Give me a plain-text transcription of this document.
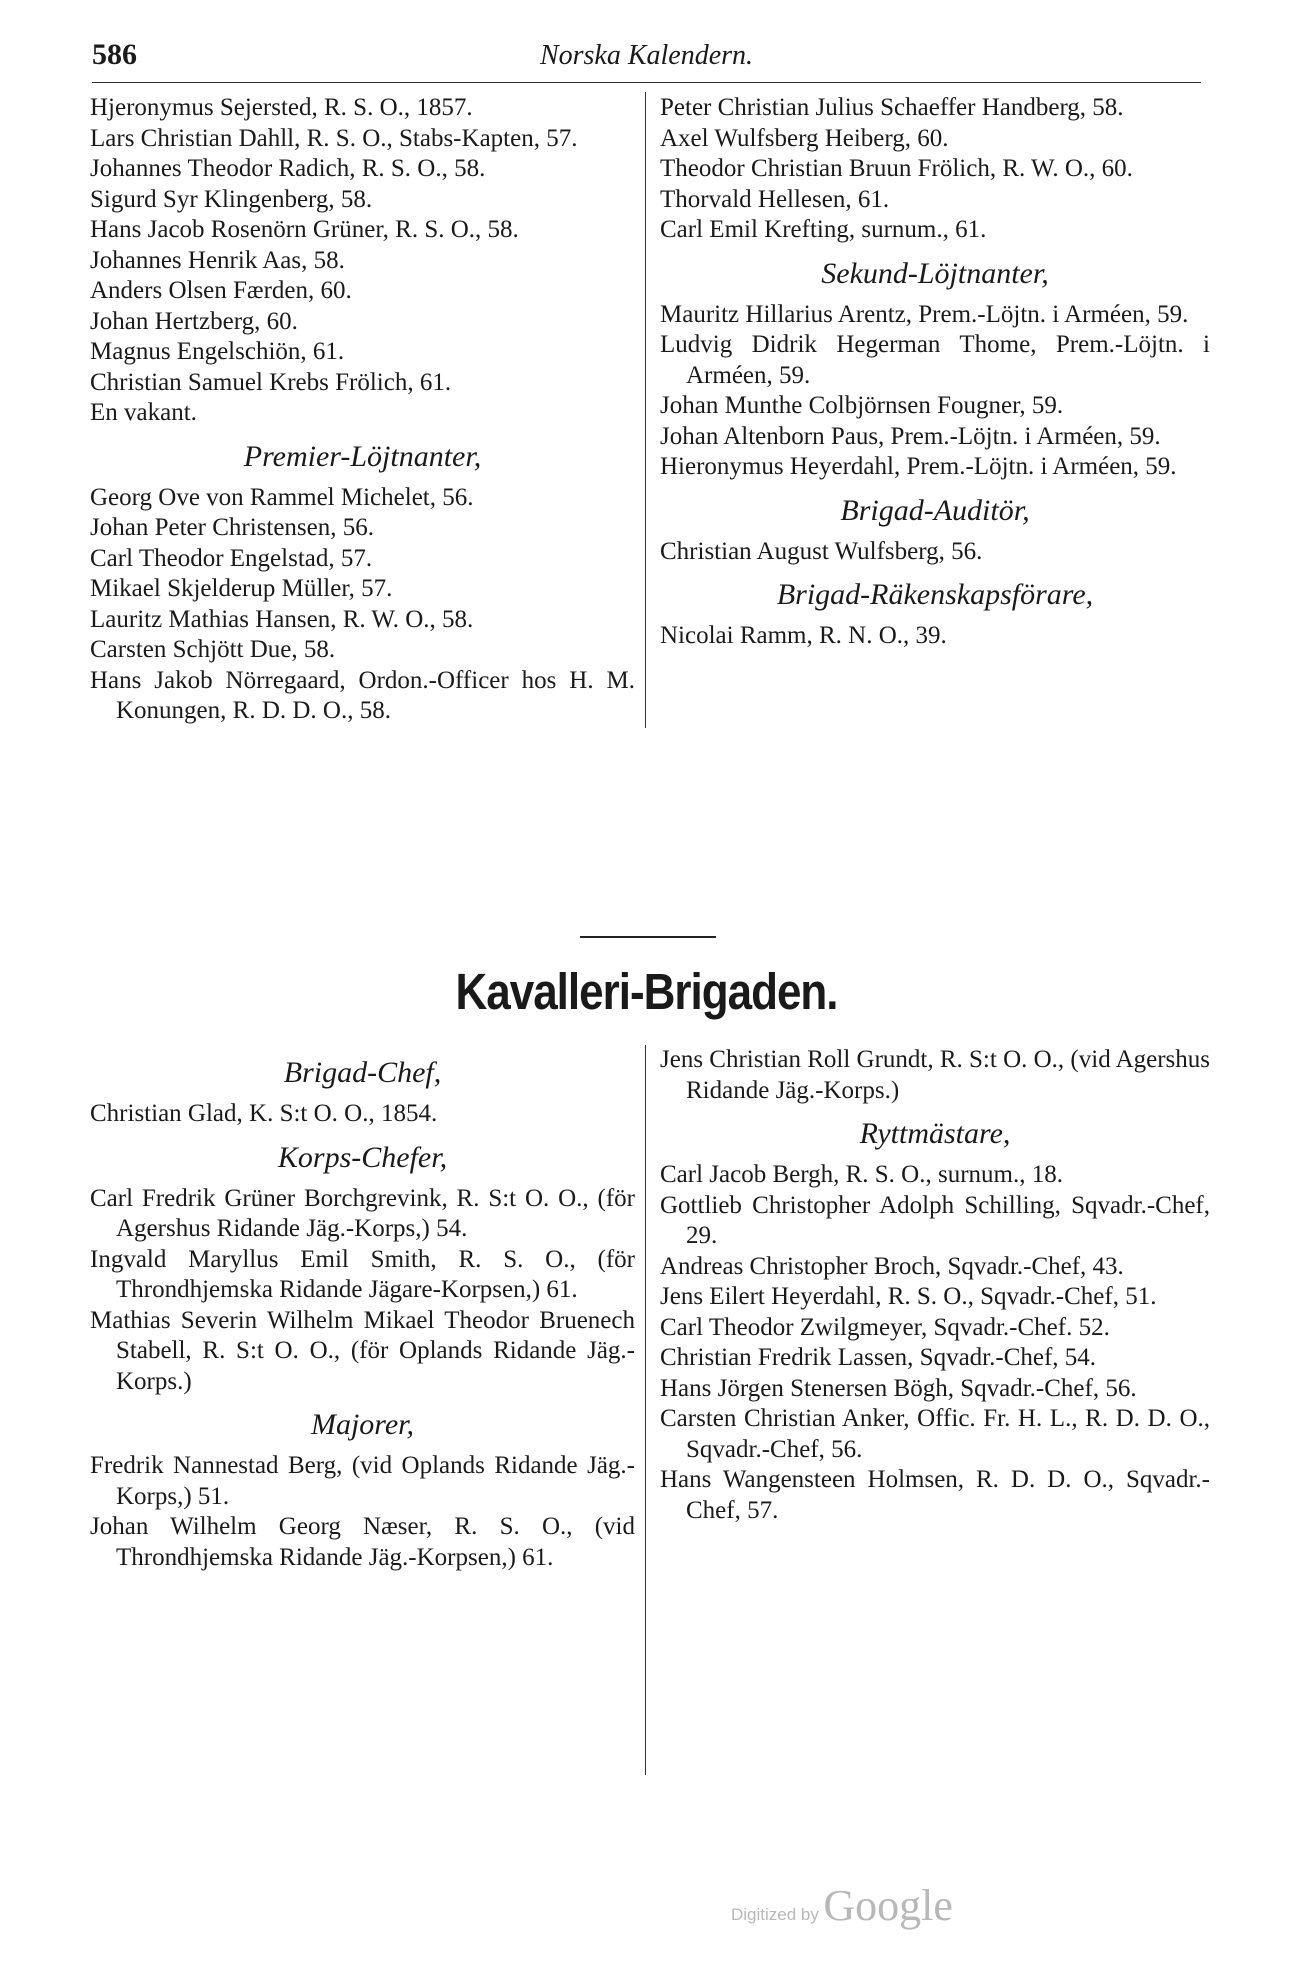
586	Norska Kalendern.

Hjeronymus Sejersted, R. S. O., 1857.

Lars Christian Dahll, R. S. O., Stabs-Kapten, 57.

Johannes Theodor Radich, R. S. O., 58.

Sigurd Syr Klingenberg, 58.

Hans Jacob Rosenörn Grüner, R. S. O., 58.

Johannes Henrik Aas, 58.

Anders Olsen Færden, 60.

Johan Hertzberg, 60.

Magnus Engelschiön, 61.

Christian Samuel Krebs Frölich, 61.

En vakant.

Premier-Löjtnanter,

Georg Ove von Rammel Michelet, 56.

Johan Peter Christensen, 56.

Carl Theodor Engelstad, 57.

Mikael Skjelderup Müller, 57.

Lauritz Mathias Hansen, R. W. O., 58.

Carsten Schjött Due, 58.

Hans Jakob Nörregaard, Ordon.-Officer hos H. M. Konungen, R. D. D. O., 58.

Peter Christian Julius Schaeffer Handberg, 58.

Axel Wulfsberg Heiberg, 60.

Theodor Christian Bruun Frölich, R. W. O., 60.

Thorvald Hellesen, 61.

Carl Emil Krefting, surnum., 61.

Sekund-Löjtnanter,

Mauritz Hillarius Arentz, Prem.-Löjtn. i Arméen, 59.

Ludvig Didrik Hegerman Thome, Prem.-Löjtn. i Arméen, 59.

Johan Munthe Colbjörnsen Fougner, 59.

Johan Altenborn Paus, Prem.-Löjtn. i Arméen, 59.

Hieronymus Heyerdahl, Prem.-Löjtn. i Arméen, 59.

Brigad-Auditör,

Christian August Wulfsberg, 56.

Brigad-Räkenskapsförare,

Nicolai Ramm, R. N. O., 39.

Kavalleri-Brigaden.
Brigad-Chef,

Christian Glad, K. S:t O. O., 1854.

Korps-Chefer,

Carl Fredrik Grüner Borchgrevink, R. S:t O. O., (för Agershus Ridande Jäg.-Korps,) 54.

Ingvald Maryllus Emil Smith, R. S. O., (för Throndhjemska Ridande Jägare-Korpsen,) 61.

Mathias Severin Wilhelm Mikael Theodor Bruenech Stabell, R. S:t O. O., (för Oplands Ridande Jäg.-Korps.)

Majorer,

Fredrik Nannestad Berg, (vid Oplands Ridande Jäg.-Korps,) 51.

Johan Wilhelm Georg Næser, R. S. O., (vid Throndhjemska Ridande Jäg.-Korpsen,) 61.

Jens Christian Roll Grundt, R. S:t O. O., (vid Agershus Ridande Jäg.-Korps.)

Ryttmästare,

Carl Jacob Bergh, R. S. O., surnum., 18.

Gottlieb Christopher Adolph Schilling, Sqvadr.-Chef, 29.

Andreas Christopher Broch, Sqvadr.-Chef, 43.

Jens Eilert Heyerdahl, R. S. O., Sqvadr.-Chef, 51.

Carl Theodor Zwilgmeyer, Sqvadr.-Chef. 52.

Christian Fredrik Lassen, Sqvadr.-Chef, 54.

Hans Jörgen Stenersen Bögh, Sqvadr.-Chef, 56.

Carsten Christian Anker, Offic. Fr. H. L., R. D. D. O., Sqvadr.-Chef, 56.

Hans Wangensteen Holmsen, R. D. D. O., Sqvadr.-Chef, 57.

Digitized by Google
